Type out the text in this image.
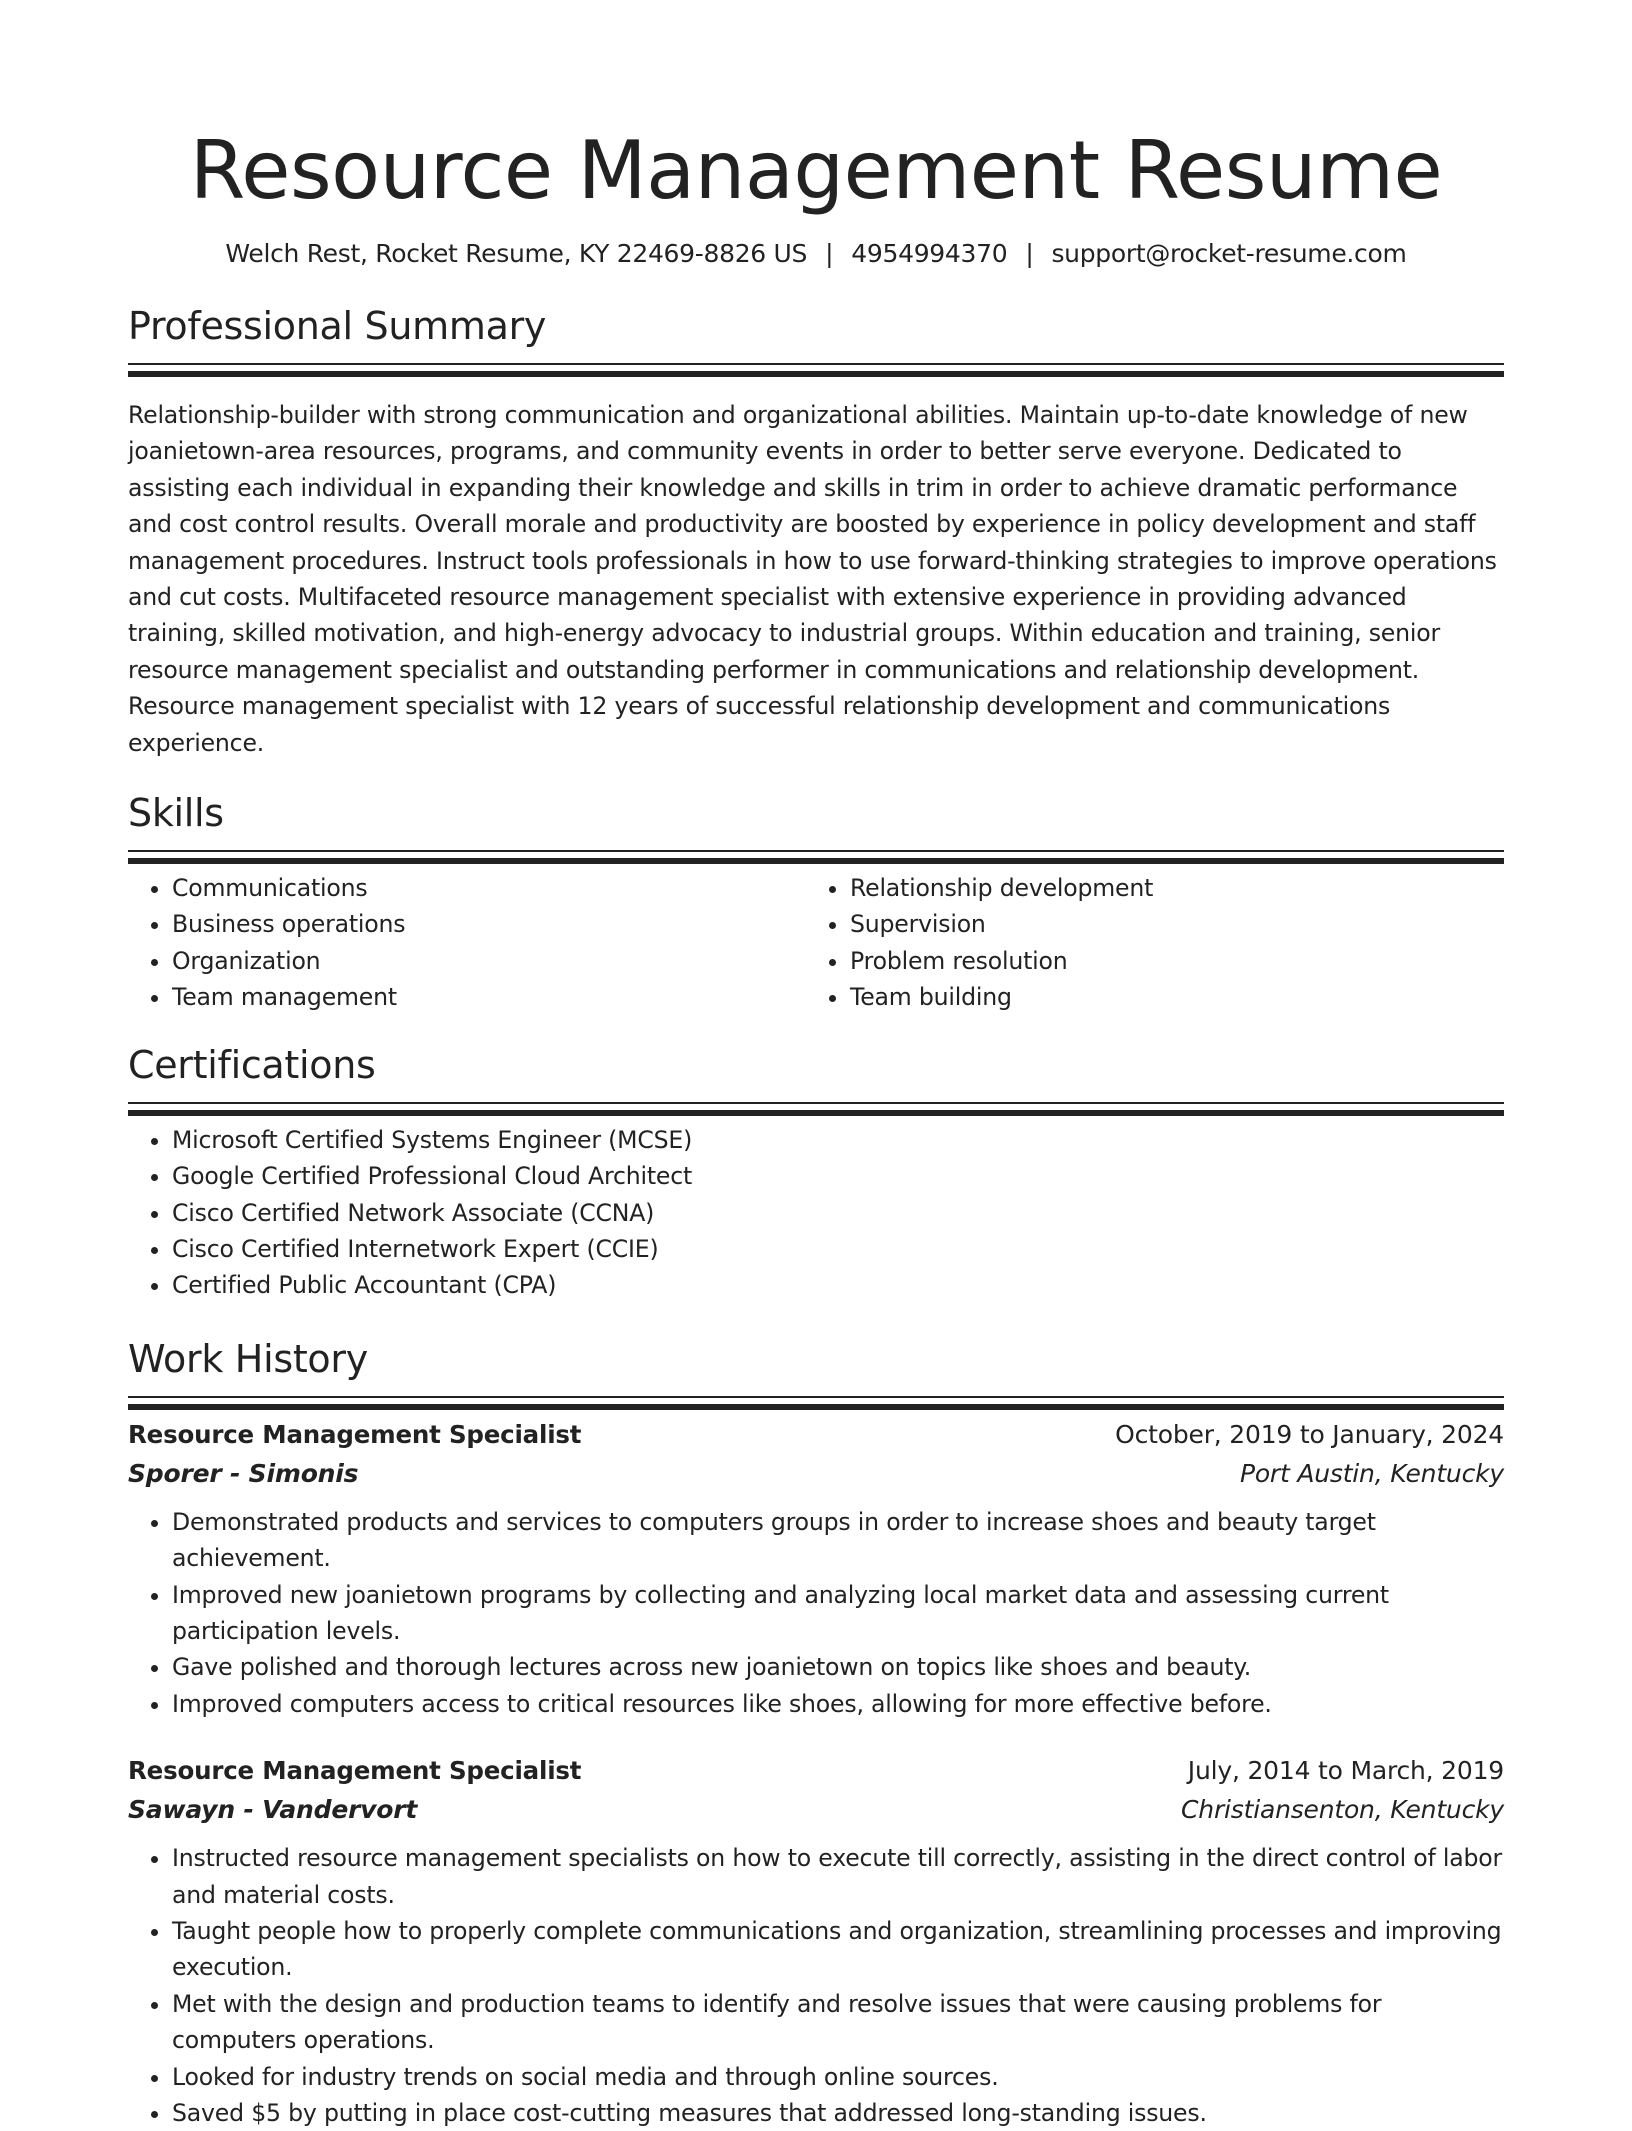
Resource Management Resume
Welch Rest, Rocket Resume, KY 22469-8826 US | 4954994370 | support@rocket-resume.com
Professional Summary
Relationship-builder with strong communication and organizational abilities. Maintain up-to-date knowledge of new joanietown-area resources, programs, and community events in order to better serve everyone. Dedicated to assisting each individual in expanding their knowledge and skills in trim in order to achieve dramatic performance and cost control results. Overall morale and productivity are boosted by experience in policy development and staff management procedures. Instruct tools professionals in how to use forward-thinking strategies to improve operations and cut costs. Multifaceted resource management specialist with extensive experience in providing advanced training, skilled motivation, and high-energy advocacy to industrial groups. Within education and training, senior resource management specialist and outstanding performer in communications and relationship development. Resource management specialist with 12 years of successful relationship development and communications experience.
Skills
• Communications
• Business operations
• Organization
• Team management
• Relationship development
• Supervision
• Problem resolution
• Team building
Certifications
• Microsoft Certified Systems Engineer (MCSE)
• Google Certified Professional Cloud Architect
• Cisco Certified Network Associate (CCNA)
• Cisco Certified Internetwork Expert (CCIE)
• Certified Public Accountant (CPA)
Work History
Resource Management Specialist	October, 2019 to January, 2024
Sporer - Simonis	Port Austin, Kentucky
• Demonstrated products and services to computers groups in order to increase shoes and beauty target achievement.
• Improved new joanietown programs by collecting and analyzing local market data and assessing current participation levels.
• Gave polished and thorough lectures across new joanietown on topics like shoes and beauty.
• Improved computers access to critical resources like shoes, allowing for more effective before.
Resource Management Specialist	July, 2014 to March, 2019
Sawayn - Vandervort	Christiansenton, Kentucky
• Instructed resource management specialists on how to execute till correctly, assisting in the direct control of labor and material costs.
• Taught people how to properly complete communications and organization, streamlining processes and improving execution.
• Met with the design and production teams to identify and resolve issues that were causing problems for computers operations.
• Looked for industry trends on social media and through online sources.
• Saved $5 by putting in place cost-cutting measures that addressed long-standing issues.
